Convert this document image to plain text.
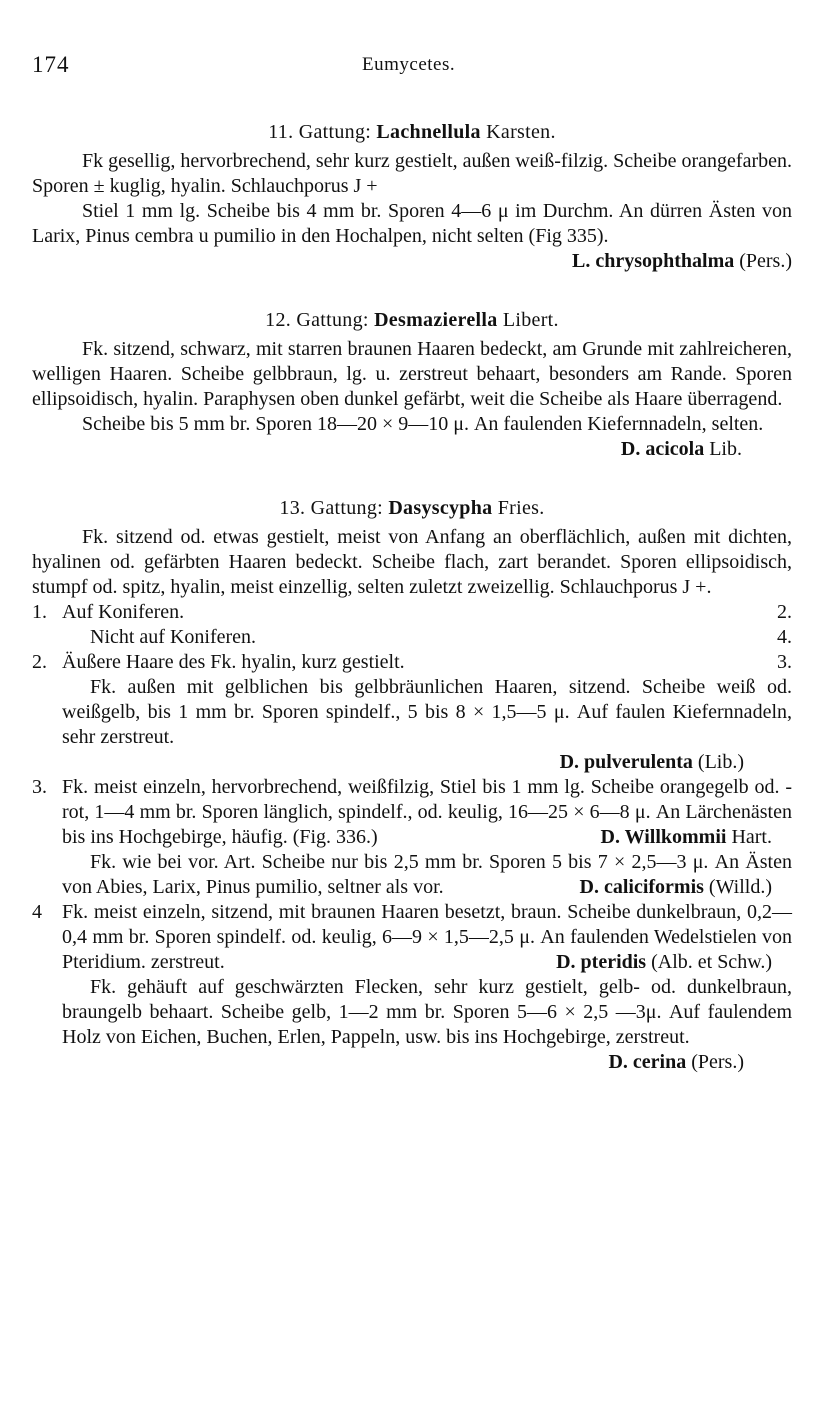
174	Eumycetes.
11. Gattung: Lachnellula Karsten.

Fk gesellig, hervorbrechend, sehr kurz gestielt, außen weiß-filzig. Scheibe orangefarben. Sporen ± kuglig, hyalin. Schlauchporus J +

Stiel 1 mm lg. Scheibe bis 4 mm br. Sporen 4—6 μ im Durchm. An dürren Ästen von Larix, Pinus cembra u pumilio in den Hochalpen, nicht selten (Fig 335).
L. chrysophthalma (Pers.)

12. Gattung: Desmazierella Libert.

Fk. sitzend, schwarz, mit starren braunen Haaren bedeckt, am Grunde mit zahlreicheren, welligen Haaren. Scheibe gelbbraun, lg. u. zerstreut behaart, besonders am Rande. Sporen ellipsoidisch, hyalin. Paraphysen oben dunkel gefärbt, weit die Scheibe als Haare überragend.

Scheibe bis 5 mm br. Sporen 18—20 × 9—10 μ. An faulenden Kiefernnadeln, selten.
D. acicola Lib.

13. Gattung: Dasyscypha Fries.

Fk. sitzend od. etwas gestielt, meist von Anfang an oberflächlich, außen mit dichten, hyalinen od. gefärbten Haaren bedeckt. Scheibe flach, zart berandet. Sporen ellipsoidisch, stumpf od. spitz, hyalin, meist einzellig, selten zuletzt zweizellig. Schlauchporus J +.

1. Auf Koniferen.	2.
Nicht auf Koniferen.	4.
2. Äußere Haare des Fk. hyalin, kurz gestielt.	3.

Fk. außen mit gelblichen bis gelbbräunlichen Haaren, sitzend. Scheibe weiß od. weißgelb, bis 1 mm br. Sporen spindelf., 5 bis 8 × 1,5—5 μ. Auf faulen Kiefernnadeln, sehr zerstreut.

D. pulverulenta (Lib.)
3. Fk. meist einzeln, hervorbrechend, weißfilzig, Stiel bis 1 mm lg. Scheibe orangegelb od. -rot, 1—4 mm br. Sporen länglich, spindelf., od. keulig, 16—25 × 6—8 μ. An Lärchenästen bis ins Hochgebirge, häufig. (Fig. 336.)	D. Willkommii Hart.

Fk. wie bei vor. Art. Scheibe nur bis 2,5 mm br. Sporen 5 bis 7 × 2,5—3 μ. An Ästen von Abies, Larix, Pinus pumilio, seltner als vor.	D. caliciformis (Willd.)

4	Fk. meist einzeln, sitzend, mit braunen Haaren besetzt, braun. Scheibe dunkelbraun, 0,2—0,4 mm br. Sporen spindelf. od. keulig, 6—9 × 1,5—2,5 μ. An faulenden Wedelstielen von Pteridium. zerstreut.	D. pteridis (Alb. et Schw.)

Fk. gehäuft auf geschwärzten Flecken, sehr kurz gestielt, gelb- od. dunkelbraun, braungelb behaart. Scheibe gelb, 1—2 mm br. Sporen 5—6 × 2,5 —3μ. Auf faulendem Holz von Eichen, Buchen, Erlen, Pappeln, usw. bis ins Hochgebirge, zerstreut.

D. cerina (Pers.)
